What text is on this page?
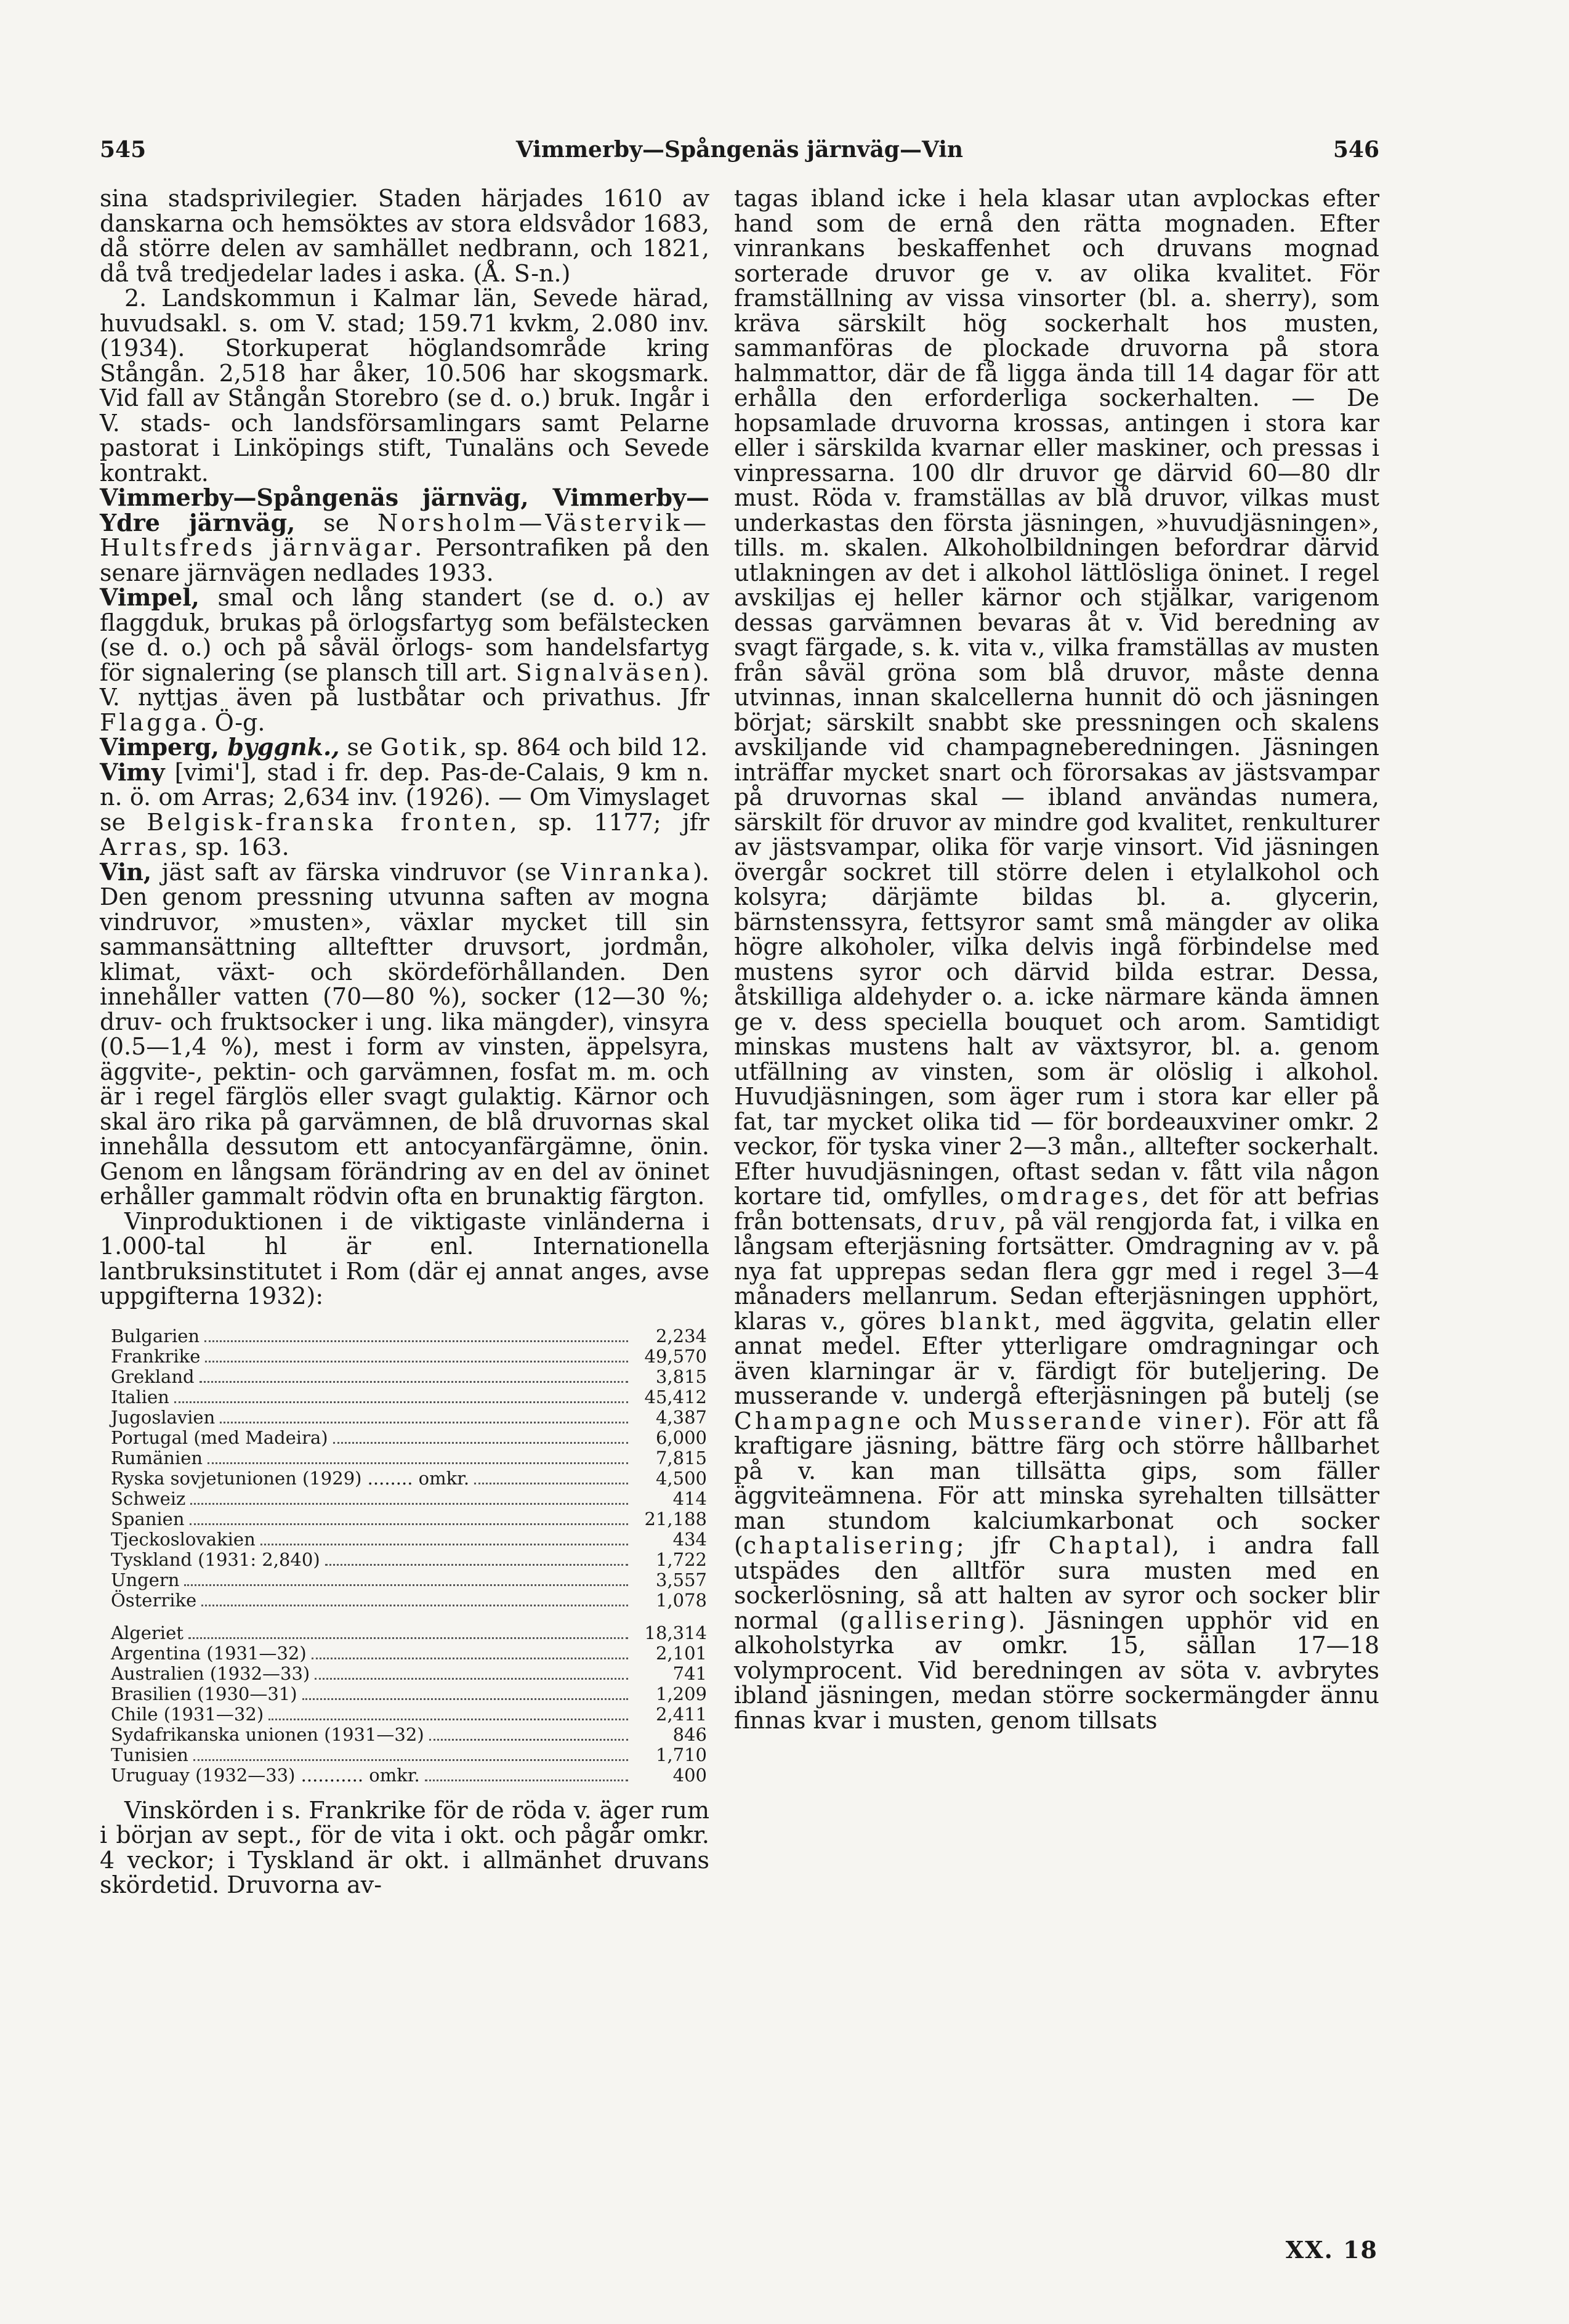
545	Vimmerby—Spångenäs järnväg—Vin	546

sina stadsprivilegier. Staden härjades 1610 av danskarna och hemsöktes av stora eldsvådor 1683, då större delen av samhället nedbrann, och 1821, då två tredjedelar lades i aska. (Å. S-n.)

2. Landskommun i Kalmar län, Sevede härad, huvudsakl. s. om V. stad; 159.71 kvkm, 2.080 inv. (1934). Storkuperat höglandsområde kring Stångån. 2,518 har åker, 10.506 har skogsmark. Vid fall av Stångån Storebro (se d. o.) bruk. Ingår i V. stads- och landsförsamlingars samt Pelarne pastorat i Linköpings stift, Tunaläns och Sevede kontrakt.

Vimmerby—Spångenäs järnväg, Vimmerby—Ydre järnväg, se Norsholm—Västervik—Hultsfreds järnvägar. Persontrafiken på den senare järnvägen nedlades 1933.

Vimpel, smal och lång standert (se d. o.) av flaggduk, brukas på örlogsfartyg som befälstecken (se d. o.) och på såväl örlogs- som handelsfartyg för signalering (se plansch till art. Signalväsen). V. nyttjas även på lustbåtar och privathus. Jfr Flagga. Ö-g.

Vimperg, byggnk., se Gotik, sp. 864 och bild 12.

Vimy [vimi'], stad i fr. dep. Pas-de-Calais, 9 km n. n. ö. om Arras; 2,634 inv. (1926). — Om Vimyslaget se Belgisk-franska fronten, sp. 1177; jfr Arras, sp. 163.

Vin, jäst saft av färska vindruvor (se Vinranka). Den genom pressning utvunna saften av mogna vindruvor, »musten», växlar mycket till sin sammansättning allteftter druvsort, jordmån, klimat, växt- och skördeförhållanden. Den innehåller vatten (70—80 %), socker (12—30 %; druv- och fruktsocker i ung. lika mängder), vinsyra (0.5—1,4 %), mest i form av vinsten, äppelsyra, äggvite-, pektin- och garvämnen, fosfat m. m. och är i regel färglös eller svagt gulaktig. Kärnor och skal äro rika på garvämnen, de blå druvornas skal innehålla dessutom ett antocyanfärgämne, önin. Genom en långsam förändring av en del av öninet erhåller gammalt rödvin ofta en brunaktig färgton.

Vinproduktionen i de viktigaste vinländerna i 1.000-tal hl är enl. Internationella lantbruksinstitutet i Rom (där ej annat anges, avse uppgifterna 1932):

Bulgarien	2,234
Frankrike	49,570
Grekland	3,815
Italien	45,412
Jugoslavien	4,387
Portugal (med Madeira)	6,000
Rumänien	7,815
Ryska sovjetunionen (1929) ........ omkr.	4,500
Schweiz	414
Spanien	21,188
Tjeckoslovakien	434
Tyskland (1931: 2,840)	1,722
Ungern	3,557
Österrike	1,078
Algeriet	18,314
Argentina (1931—32)	2,101
Australien (1932—33)	741
Brasilien (1930—31)	1,209
Chile (1931—32)	2,411
Sydafrikanska unionen (1931—32)	846
Tunisien	1,710
Uruguay (1932—33) ........... omkr.	400

Vinskörden i s. Frankrike för de röda v. äger rum i början av sept., för de vita i okt. och pågår omkr. 4 veckor; i Tyskland är okt. i allmänhet druvans skördetid. Druvorna av-

tagas ibland icke i hela klasar utan avplockas efter hand som de ernå den rätta mognaden. Efter vinrankans beskaffenhet och druvans mognad sorterade druvor ge v. av olika kvalitet. För framställning av vissa vinsorter (bl. a. sherry), som kräva särskilt hög sockerhalt hos musten, sammanföras de plockade druvorna på stora halmmattor, där de få ligga ända till 14 dagar för att erhålla den erforderliga sockerhalten. — De hopsamlade druvorna krossas, antingen i stora kar eller i särskilda kvarnar eller maskiner, och pressas i vinpressarna. 100 dlr druvor ge därvid 60—80 dlr must. Röda v. framställas av blå druvor, vilkas must underkastas den första jäsningen, »huvudjäsningen», tills. m. skalen. Alkoholbildningen befordrar därvid utlakningen av det i alkohol lättlösliga öninet. I regel avskiljas ej heller kärnor och stjälkar, varigenom dessas garvämnen bevaras åt v. Vid beredning av svagt färgade, s. k. vita v., vilka framställas av musten från såväl gröna som blå druvor, måste denna utvinnas, innan skalcellerna hunnit dö och jäsningen börjat; särskilt snabbt ske pressningen och skalens avskiljande vid champagneberedningen. Jäsningen inträffar mycket snart och förorsakas av jästsvampar på druvornas skal — ibland användas numera, särskilt för druvor av mindre god kvalitet, renkulturer av jästsvampar, olika för varje vinsort. Vid jäsningen övergår sockret till större delen i etylalkohol och kolsyra; därjämte bildas bl. a. glycerin, bärnstenssyra, fettsyror samt små mängder av olika högre alkoholer, vilka delvis ingå förbindelse med mustens syror och därvid bilda estrar. Dessa, åtskilliga aldehyder o. a. icke närmare kända ämnen ge v. dess speciella bouquet och arom. Samtidigt minskas mustens halt av växtsyror, bl. a. genom utfällning av vinsten, som är olöslig i alkohol. Huvudjäsningen, som äger rum i stora kar eller på fat, tar mycket olika tid — för bordeauxviner omkr. 2 veckor, för tyska viner 2—3 mån., alltefter sockerhalt. Efter huvudjäsningen, oftast sedan v. fått vila någon kortare tid, omfylles, omdrages, det för att befrias från bottensats, druv, på väl rengjorda fat, i vilka en långsam efterjäsning fortsätter. Omdragning av v. på nya fat upprepas sedan flera ggr med i regel 3—4 månaders mellanrum. Sedan efterjäsningen upphört, klaras v., göres blankt, med äggvita, gelatin eller annat medel. Efter ytterligare omdragningar och även klarningar är v. färdigt för buteljering. De musserande v. undergå efterjäsningen på butelj (se Champagne och Musserande viner). För att få kraftigare jäsning, bättre färg och större hållbarhet på v. kan man tillsätta gips, som fäller äggviteämnena. För att minska syrehalten tillsätter man stundom kalciumkarbonat och socker (chaptalisering; jfr Chaptal), i andra fall utspädes den alltför sura musten med en sockerlösning, så att halten av syror och socker blir normal (gallisering). Jäsningen upphör vid en alkoholstyrka av omkr. 15, sällan 17—18 volymprocent. Vid beredningen av söta v. avbrytes ibland jäsningen, medan större sockermängder ännu finnas kvar i musten, genom tillsats

XX. 18
